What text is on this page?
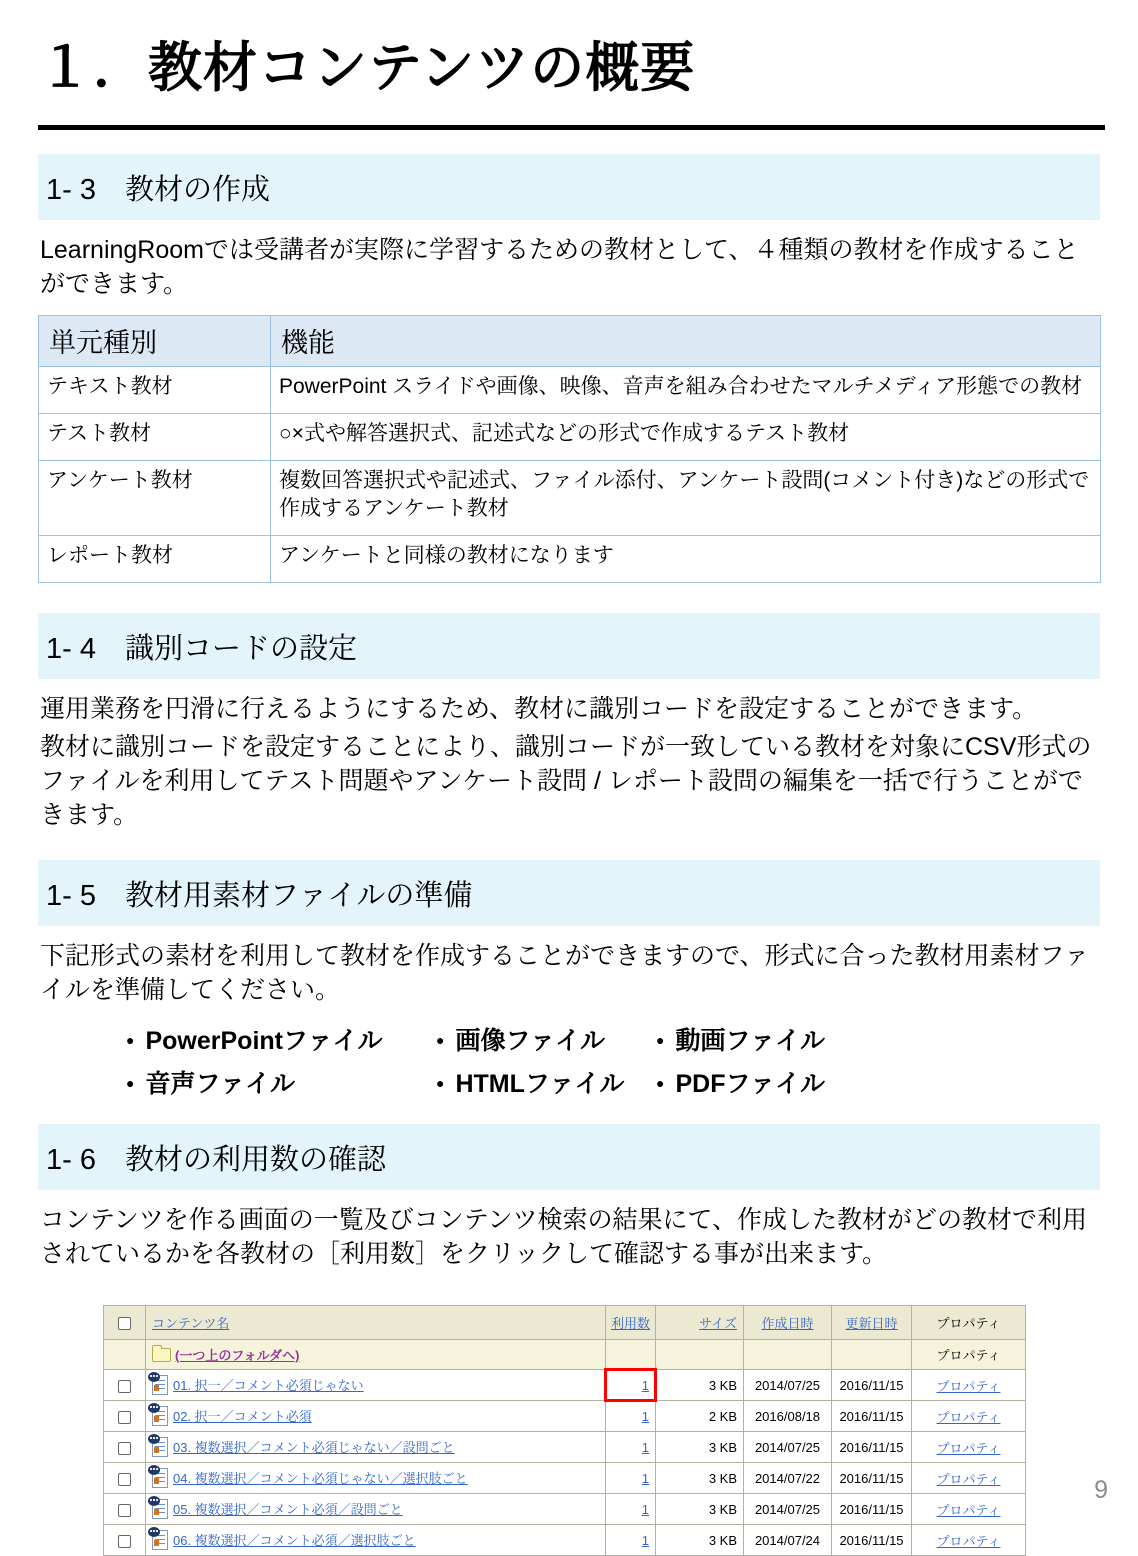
１．教材コンテンツの概要
1- 3　教材の作成

LearningRoomでは受講者が実際に学習するための教材として、４種類の教材を作成することができます。

単元種別	機能
テキスト教材	PowerPoint スライドや画像、映像、音声を組み合わせたマルチメディア形態での教材
テスト教材	○×式や解答選択式、記述式などの形式で作成するテスト教材
アンケート教材	複数回答選択式や記述式、ファイル添付、アンケート設問(コメント付き)などの形式で作成するアンケート教材
レポート教材	アンケートと同様の教材になります
1- 4　識別コードの設定

運用業務を円滑に行えるようにするため、教材に識別コードを設定することができます。

教材に識別コードを設定することにより、識別コードが一致している教材を対象にCSV形式のファイルを利用してテスト問題やアンケート設問 / レポート設問の編集を一括で行うことができます。

1- 5　教材用素材ファイルの準備

下記形式の素材を利用して教材を作成することができますので、形式に合った教材用素材ファイルを準備してください。

● PowerPointファイル	● 画像ファイル	● 動画ファイル
● 音声ファイル	● HTMLファイル	● PDFファイル
1- 6　教材の利用数の確認

コンテンツを作る画面の一覧及びコンテンツ検索の結果にて、作成した教材がどの教材で利用されているかを各教材の［利用数］をクリックして確認する事が出来ます。

	コンテンツ名	利用数	サイズ	作成日時	更新日時	プロパティ
	(一つ上のフォルダへ)					プロパティ

01. 択一／コメント必須じゃない	1	3 KB	2014/07/25	2016/11/15	プロパティ

02. 択一／コメント必須	1	2 KB	2016/08/18	2016/11/15	プロパティ

03. 複数選択／コメント必須じゃない／設問ごと	1	3 KB	2014/07/25	2016/11/15	プロパティ

04. 複数選択／コメント必須じゃない／選択肢ごと	1	3 KB	2014/07/22	2016/11/15	プロパティ

05. 複数選択／コメント必須／設問ごと	1	3 KB	2014/07/25	2016/11/15	プロパティ

06. 複数選択／コメント必須／選択肢ごと	1	3 KB	2014/07/24	2016/11/15	プロパティ
9
